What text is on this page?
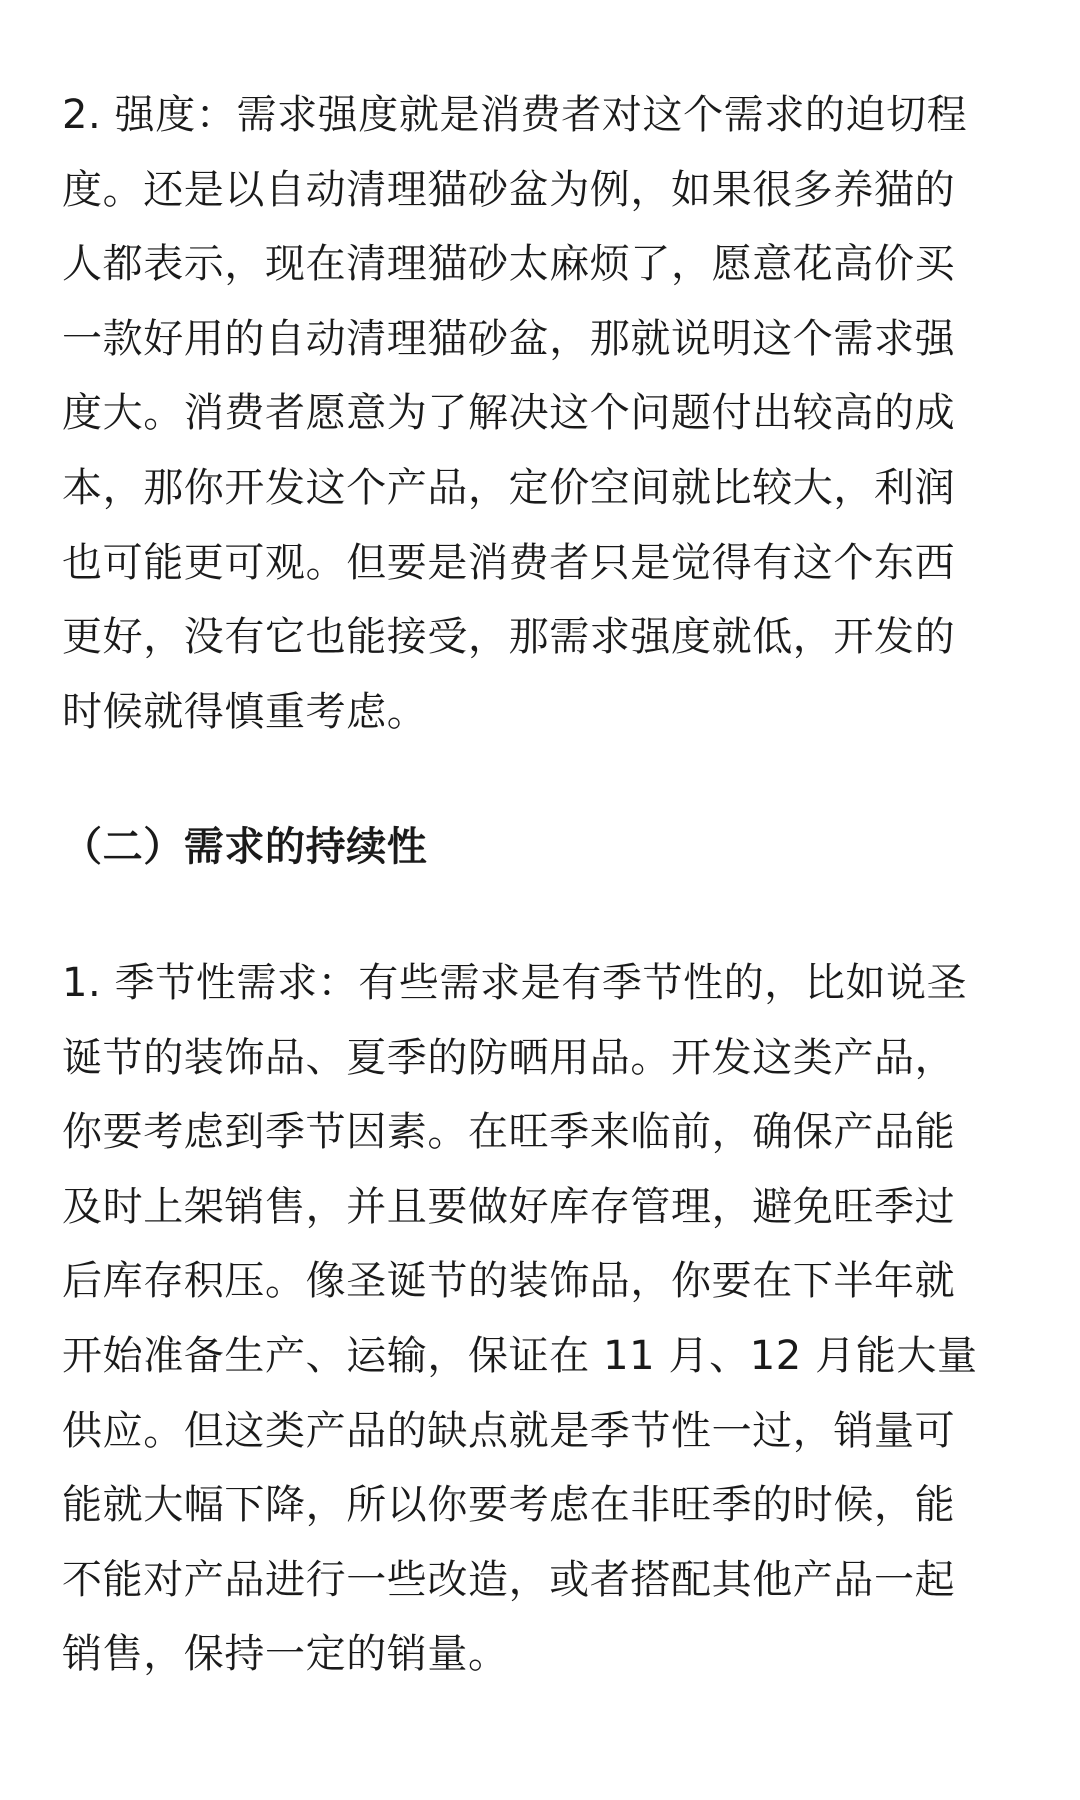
2. 强度：需求强度就是消费者对这个需求的迫切程
度。还是以自动清理猫砂盆为例，如果很多养猫的
人都表示，现在清理猫砂太麻烦了，愿意花高价买
一款好用的自动清理猫砂盆，那就说明这个需求强
度大。消费者愿意为了解决这个问题付出较高的成
本，那你开发这个产品，定价空间就比较大，利润
也可能更可观。但要是消费者只是觉得有这个东西
更好，没有它也能接受，那需求强度就低，开发的
时候就得慎重考虑。

（二）需求的持续性

1. 季节性需求：有些需求是有季节性的，比如说圣
诞节的装饰品、夏季的防晒用品。开发这类产品，
你要考虑到季节因素。在旺季来临前，确保产品能
及时上架销售，并且要做好库存管理，避免旺季过
后库存积压。像圣诞节的装饰品，你要在下半年就
开始准备生产、运输，保证在 11 月、12 月能大量
供应。但这类产品的缺点就是季节性一过，销量可
能就大幅下降，所以你要考虑在非旺季的时候，能
不能对产品进行一些改造，或者搭配其他产品一起
销售，保持一定的销量。
